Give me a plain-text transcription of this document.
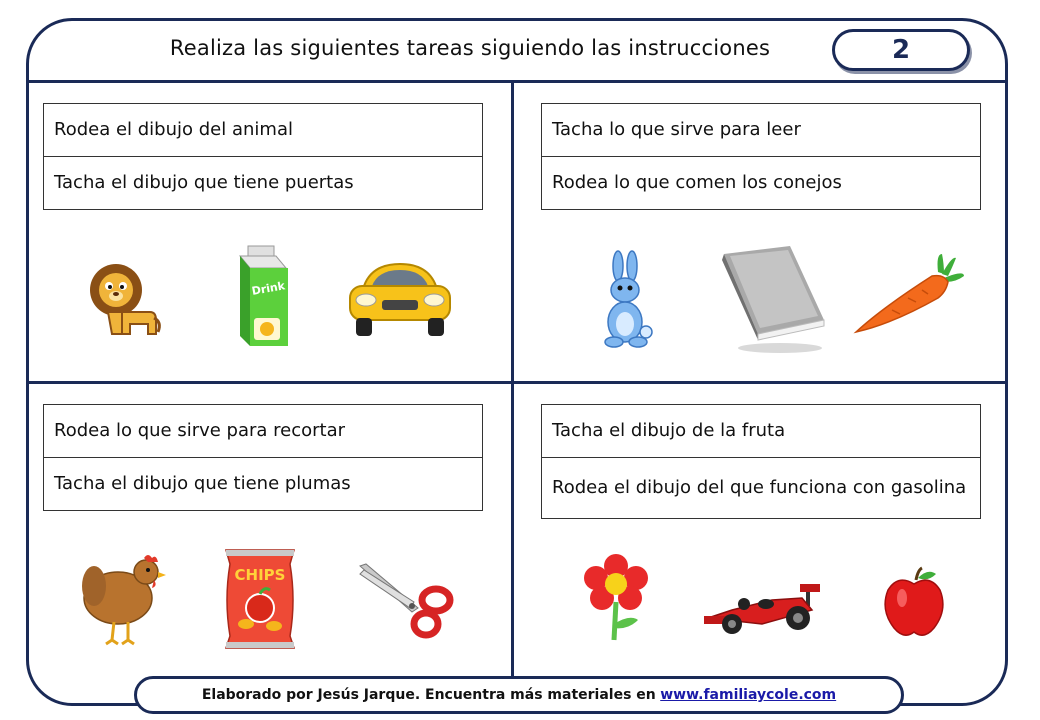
Realiza las siguientes tareas siguiendo las instrucciones	2
Rodea el dibujo del animal
Tacha el dibujo que tiene puertas
Drink
Tacha lo que sirve para leer
Rodea lo que comen los conejos
Rodea lo que sirve para recortar
Tacha el dibujo que tiene plumas
CHIPS
Tacha el dibujo de la fruta
Rodea el dibujo del que funciona con gasolina
Elaborado por Jesús Jarque. Encuentra más materiales en www.familiaycole.com
